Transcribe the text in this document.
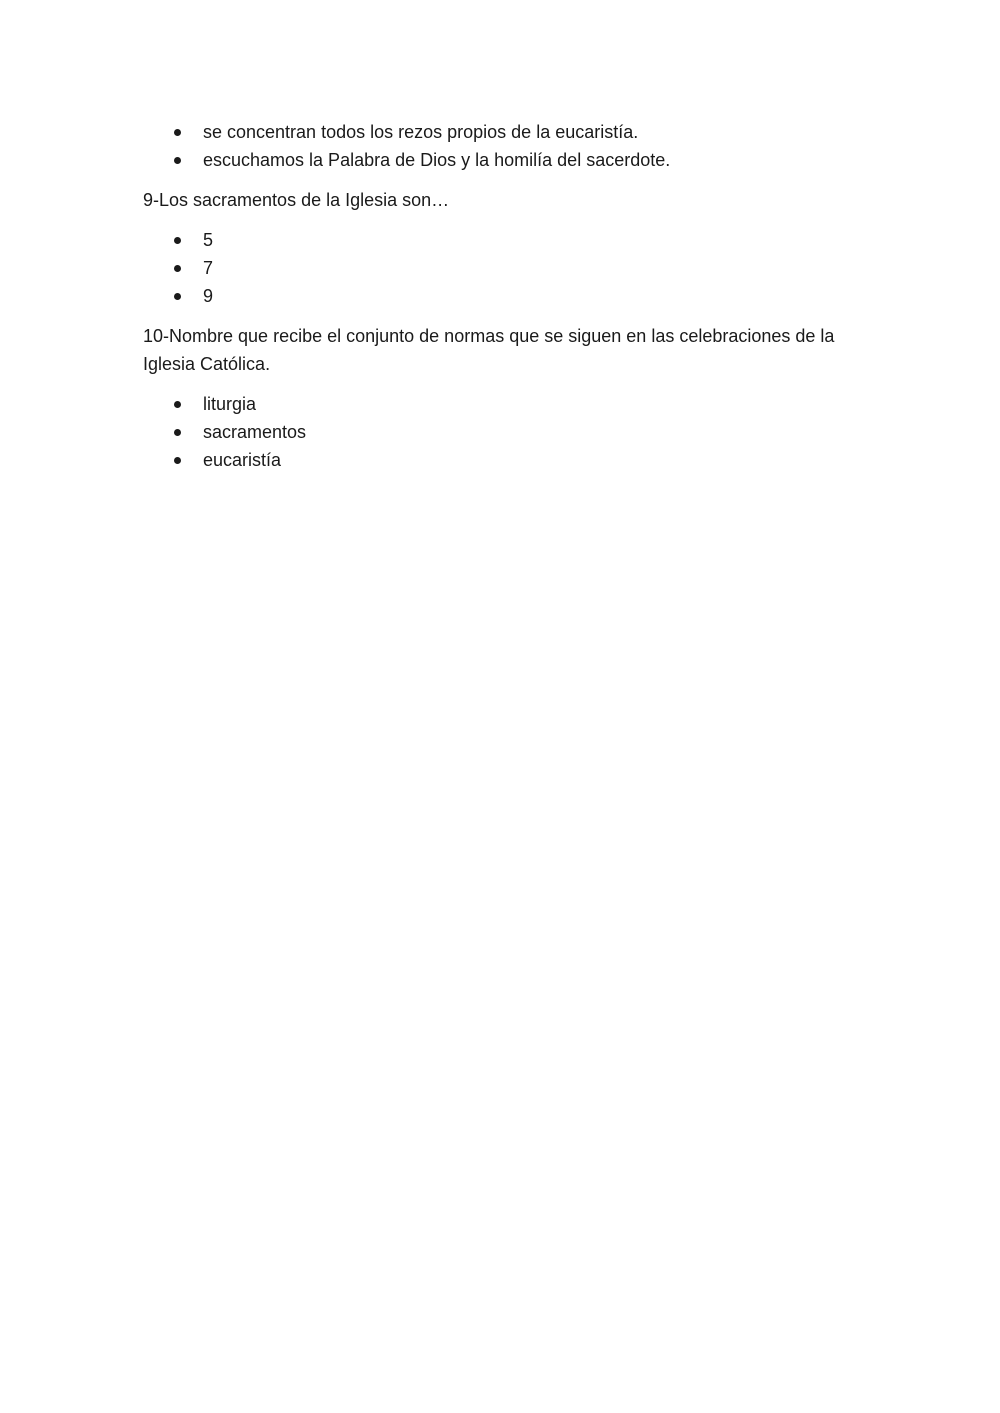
se concentran todos los rezos propios de la eucaristía.
escuchamos la Palabra de Dios y la homilía del sacerdote.
9-Los sacramentos de la Iglesia son…
5
7
9
10-Nombre que recibe el conjunto de normas que se siguen en las celebraciones de la
Iglesia Católica.
liturgia
sacramentos
eucaristía
